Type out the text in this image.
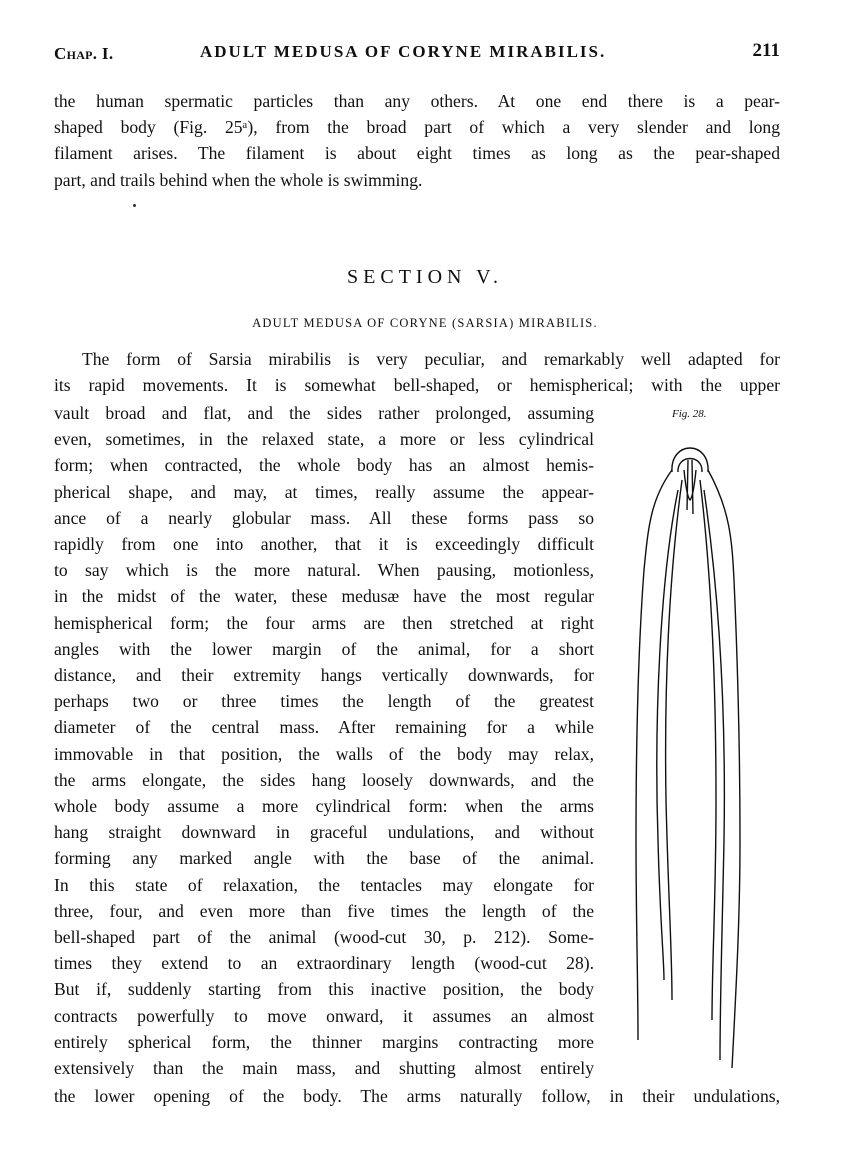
Chap. I.	ADULT MEDUSA OF CORYNE MIRABILIS.	211
the human spermatic particles than any others. At one end there is a pear-
shaped body (Fig. 25ᵃ), from the broad part of which a very slender and long
filament arises. The filament is about eight times as long as the pear-shaped
part, and trails behind when the whole is swimming.
SECTION V.
ADULT MEDUSA OF CORYNE (SARSIA) MIRABILIS.
The form of Sarsia mirabilis is very peculiar, and remarkably well adapted for
its rapid movements. It is somewhat bell-shaped, or hemispherical; with the upper
vault broad and flat, and the sides rather prolonged, assuming
even, sometimes, in the relaxed state, a more or less cylindrical
form; when contracted, the whole body has an almost hemis-
pherical shape, and may, at times, really assume the appear-
ance of a nearly globular mass. All these forms pass so
rapidly from one into another, that it is exceedingly difficult
to say which is the more natural. When pausing, motionless,
in the midst of the water, these medusæ have the most regular
hemispherical form; the four arms are then stretched at right
angles with the lower margin of the animal, for a short
distance, and their extremity hangs vertically downwards, for
perhaps two or three times the length of the greatest
diameter of the central mass. After remaining for a while
immovable in that position, the walls of the body may relax,
the arms elongate, the sides hang loosely downwards, and the
whole body assume a more cylindrical form: when the arms
hang straight downward in graceful undulations, and without
forming any marked angle with the base of the animal.
In this state of relaxation, the tentacles may elongate for
three, four, and even more than five times the length of the
bell-shaped part of the animal (wood-cut 30, p. 212). Some-
times they extend to an extraordinary length (wood-cut 28).
But if, suddenly starting from this inactive position, the body
contracts powerfully to move onward, it assumes an almost
entirely spherical form, the thinner margins contracting more
extensively than the main mass, and shutting almost entirely
the lower opening of the body. The arms naturally follow, in their undulations,
Fig. 28.
